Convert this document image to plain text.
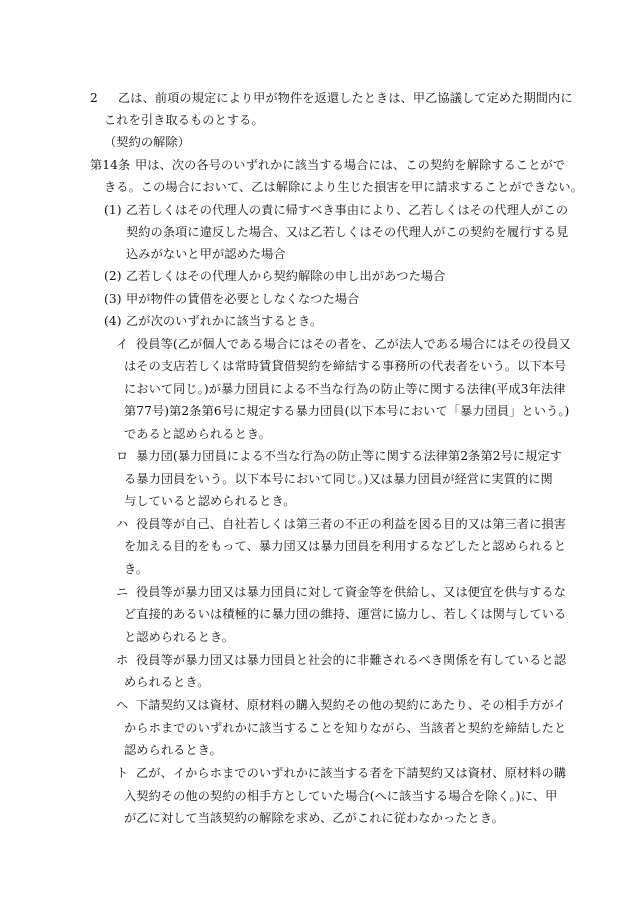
2 乙は、前項の規定により甲が物件を返還したときは、甲乙協議して定めた期間内に
これを引き取るものとする。
（契約の解除）
第14条 甲は、次の各号のいずれかに該当する場合には、この契約を解除することがで
きる。この場合において、乙は解除により生じた損害を甲に請求することができない。
(1) 乙若しくはその代理人の責に帰すべき事由により、乙若しくはその代理人がこの
契約の条項に違反した場合、又は乙若しくはその代理人がこの契約を履行する見
込みがないと甲が認めた場合
(2) 乙若しくはその代理人から契約解除の申し出があつた場合
(3) 甲が物件の賃借を必要としなくなつた場合
(4) 乙が次のいずれかに該当するとき。
イ 役員等(乙が個人である場合にはその者を、乙が法人である場合にはその役員又
はその支店若しくは常時賃貸借契約を締結する事務所の代表者をいう。以下本号
において同じ。)が暴力団員による不当な行為の防止等に関する法律(平成3年法律
第77号)第2条第6号に規定する暴力団員(以下本号において「暴力団員」という。)
であると認められるとき。
ロ 暴力団(暴力団員による不当な行為の防止等に関する法律第2条第2号に規定す
る暴力団員をいう。以下本号において同じ。)又は暴力団員が経営に実質的に関
与していると認められるとき。
ハ 役員等が自己、自社若しくは第三者の不正の利益を図る目的又は第三者に損害
を加える目的をもって、暴力団又は暴力団員を利用するなどしたと認められると
き。
ニ 役員等が暴力団又は暴力団員に対して資金等を供給し、又は便宜を供与するな
ど直接的あるいは積極的に暴力団の維持、運営に協力し、若しくは関与している
と認められるとき。
ホ 役員等が暴力団又は暴力団員と社会的に非難されるべき関係を有していると認
められるとき。
ヘ 下請契約又は資材、原材料の購入契約その他の契約にあたり、その相手方がイ
からホまでのいずれかに該当することを知りながら、当該者と契約を締結したと
認められるとき。
ト 乙が、イからホまでのいずれかに該当する者を下請契約又は資材、原材料の購
入契約その他の契約の相手方としていた場合(へに該当する場合を除く。)に、甲
が乙に対して当該契約の解除を求め、乙がこれに従わなかったとき。
